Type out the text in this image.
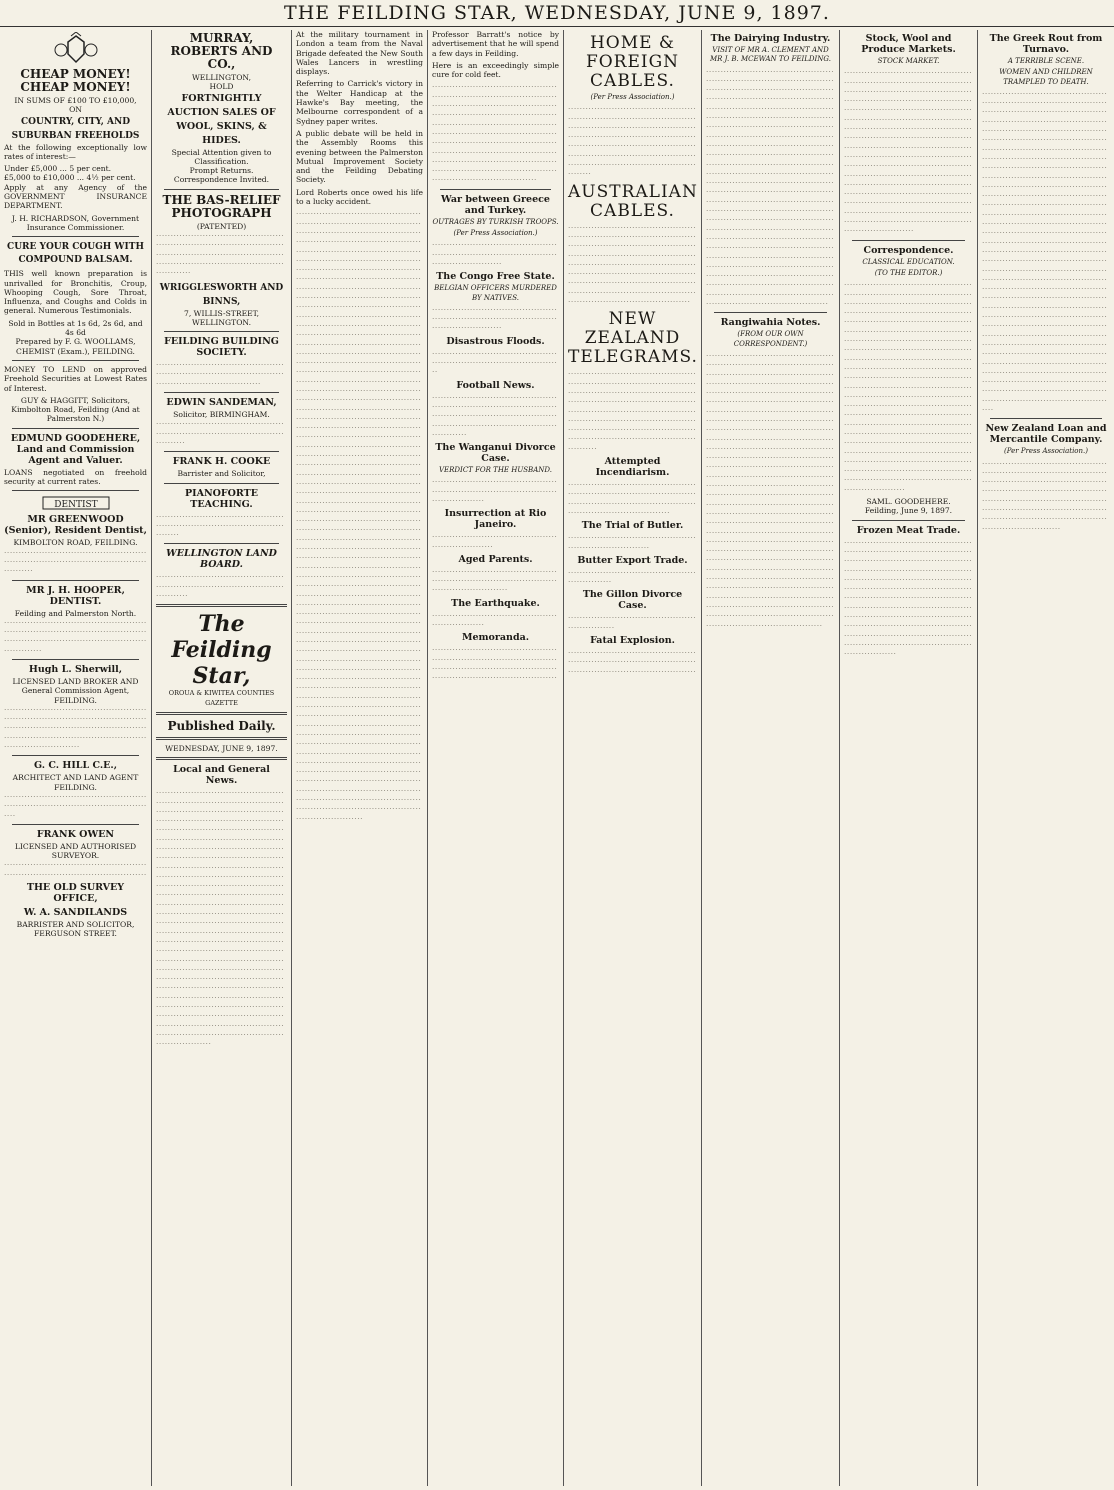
THE FEILDING STAR, WEDNESDAY, JUNE 9, 1897.
CHEAP MONEY! CHEAP MONEY!
IN SUMS OF £100 TO £10,000,
ON
COUNTRY, CITY, AND SUBURBAN FREEHOLDS

At the following exceptionally low rates of interest:—

Under £5,000 ... 5 per cent.
£5,000 to £10,000 ... 4½ per cent.

Apply at any Agency of the GOVERNMENT INSURANCE DEPARTMENT.

J. H. RICHARDSON, Government Insurance Commissioner.
CURE YOUR COUGH WITH COMPOUND BALSAM.

THIS well known preparation is unrivalled for Bronchitis, Croup, Whooping Cough, Sore Throat, Influenza, and Coughs and Colds in general. Numerous Testimonials.

Sold in Bottles at 1s 6d, 2s 6d, and 4s 6d
Prepared by F. G. WOOLLAMS, CHEMIST (Exam.), FEILDING.

MONEY TO LEND on approved Freehold Securities at Lowest Rates of Interest.

GUY & HAGGITT, Solicitors, Kimbolton Road, Feilding (And at Palmerston N.)
EDMUND GOODEHERE, Land and Commission Agent and Valuer.

LOANS negotiated on freehold security at current rates.

DENTIST
MR GREENWOOD (Senior), Resident Dentist,
KIMBOLTON ROAD, FEILDING.

············································································································

MR J. H. HOOPER, DENTIST.
Feilding and Palmerston North.

································································································································································

Hugh L. Sherwill,
LICENSED LAND BROKER AND General Commission Agent, FEILDING.

······························································································································································································································

G. C. HILL C.E.,
ARCHITECT AND LAND AGENT FEILDING.

······································································································

FRANK OWEN
LICENSED AND AUTHORISED SURVEYOR.

··································································································

THE OLD SURVEY OFFICE,
W. A. SANDILANDS
BARRISTER AND SOLICITOR, FERGUSON STREET.
MURRAY, ROBERTS AND CO.,
WELLINGTON,
HOLD
FORTNIGHTLY AUCTION SALES OF WOOL, SKINS, & HIDES.
Special Attention given to Classification.
Prompt Returns.
Correspondence Invited.
THE BAS-RELIEF PHOTOGRAPH
(PATENTED)

····························································································································································································

WRIGGLESWORTH AND BINNS,
7, WILLIS-STREET, WELLINGTON.
FEILDING BUILDING SOCIETY.

····························································································································

EDWIN SANDEMAN,
Solicitor, BIRMINGHAM.

··································································································

FRANK H. COOKE
Barrister and Solicitor,
PIANOFORTE TEACHING.

································································································

WELLINGTON LAND BOARD.

···································································································

The Feilding Star,
OROUA & KIWITEA COUNTIES GAZETTE
Published Daily.
WEDNESDAY, JUNE 9, 1897.
Local and General News.

·······················································································································································································································································································································································································································································································································································································································································································································································································································································································································································································································································································································································································································································

At the military tournament in London a team from the Naval Brigade defeated the New South Wales Lancers in wrestling displays.

Referring to Carrick's victory in the Welter Handicap at the Hawke's Bay meeting, the Melbourne correspondent of a Sydney paper writes.

A public debate will be held in the Assembly Rooms this evening between the Palmerston Mutual Improvement Society and the Feilding Debating Society.

Lord Roberts once owed his life to a lucky accident.

··································································································································································································································································································································································································································································································································································································································································································································································································································································································································································································································································································································································································································································································································································································································································································································································································································································································································································································································································································································································································································································································································································································································································································································································································································································································································································································································································································································································································································································································································

Professor Barratt's notice by advertisement that he will spend a few days in Feilding.

Here is an exceedingly simple cure for cold feet.

··················································································································································································································································································································································································································································································

War between Greece and Turkey.
OUTRAGES BY TURKISH TROOPS.
(Per Press Association.)

··············································································································

The Congo Free State.
BELGIAN OFFICERS MURDERED BY NATIVES.

··············································································································

Disastrous Floods.

························································································

Football News.

························································································································································································

The Wanganui Divorce Case.
VERDICT FOR THE HUSBAND.

········································································································

Insurrection at Rio Janeiro.

································································

Aged Parents.

················································································································

The Earthquake.

·····························································

Memoranda.

············································································································································································

HOME & FOREIGN CABLES.
(Per Press Association.)

····························································································································································································································································································································

AUSTRALIAN CABLES.

··········································································································································································································································································································································································································

NEW ZEALAND TELEGRAMS.

··········································································································································································································································································································································································

Attempted Incendiarism.

·······································································································································································

The Trial of Butler.

········································································

Butter Export Trade.

···························································

The Gillon Divorce Case.

····························································

Fatal Explosion.

····································································································································

The Dairying Industry.
VISIT OF MR A. CLEMENT AND MR J. B. MCEWAN TO FEILDING.

······················································································································································································································································································································································································································································································································································································································································································································································································································································································································································································································································································································································································

Rangiwahia Notes.
(FROM OUR OWN CORRESPONDENT.)

····································································································································································································································································································································································································································································································································································································································································································································································································································································································································································································································································································································································································································································································································································

Stock, Wool and Produce Markets.
STOCK MARKET.

····································································································································································································································································································································································································································································································································································································································································································································································································

Correspondence.
CLASSICAL EDUCATION.
(TO THE EDITOR.)

·····························································································································································································································································································································································································································································································································································································································································································································································································································································································································································································································

SAML. GOODEHERE.
Feilding, June 9, 1897.
Frozen Meat Trade.

··································································································································································································································································································································································································································································································································································

The Greek Rout from Turnavo.
A TERRIBLE SCENE.
WOMEN AND CHILDREN TRAMPLED TO DEATH.

··························································································································································································································································································································································································································································································································································································································································································································································································································································································································································································································································································································································································································································································································································································································································································································

New Zealand Loan and Mercantile Company.
(Per Press Association.)

········································································································································································································································································································································
